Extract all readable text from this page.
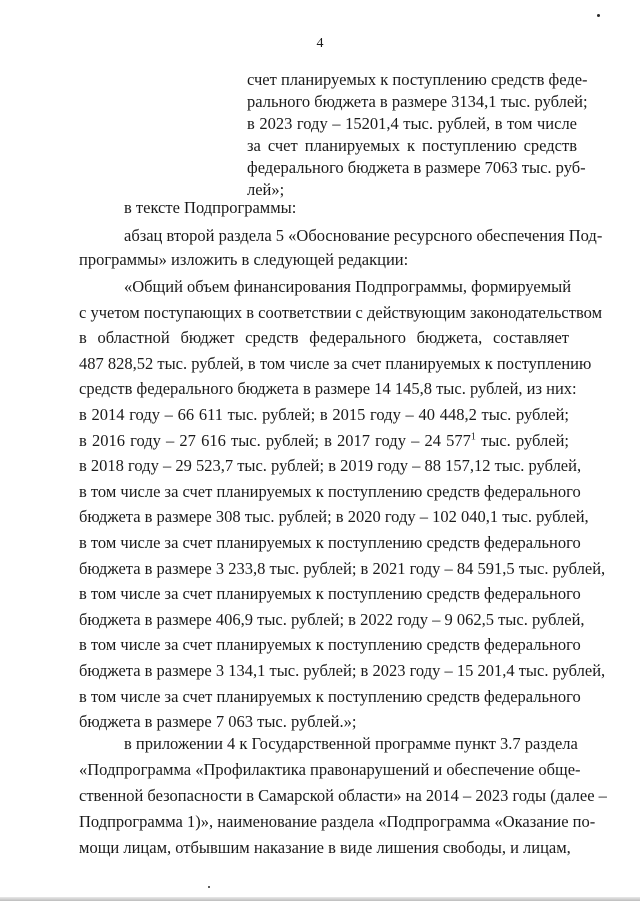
4
счет планируемых к поступлению средств феде-
рального бюджета в размере 3134,1 тыс. рублей;
в 2023 году – 15201,4 тыс. рублей, в том числе
за счет планируемых к поступлению средств
федерального бюджета в размере 7063 тыс. руб-
лей»;
в тексте Подпрограммы:
абзац второй раздела 5 «Обоснование ресурсного обеспечения Под-
программы» изложить в следующей редакции:
«Общий объем финансирования Подпрограммы, формируемый
с учетом поступающих в соответствии с действующим законодательством
в областной бюджет средств федерального бюджета, составляет
487 828,52 тыс. рублей, в том числе за счет планируемых к поступлению
средств федерального бюджета в размере 14 145,8 тыс. рублей, из них:
в 2014 году – 66 611 тыс. рублей; в 2015 году – 40 448,2 тыс. рублей;
в 2016 году – 27 616 тыс. рублей; в 2017 году – 24 $577^1$ тыс. рублей;
в 2018 году – 29 523,7 тыс. рублей; в 2019 году – 88 157,12 тыс. рублей,
в том числе за счет планируемых к поступлению средств федерального
бюджета в размере 308 тыс. рублей; в 2020 году – 102 040,1 тыс. рублей,
в том числе за счет планируемых к поступлению средств федерального
бюджета в размере 3 233,8 тыс. рублей; в 2021 году – 84 591,5 тыс. рублей,
в том числе за счет планируемых к поступлению средств федерального
бюджета в размере 406,9 тыс. рублей; в 2022 году – 9 062,5 тыс. рублей,
в том числе за счет планируемых к поступлению средств федерального
бюджета в размере 3 134,1 тыс. рублей; в 2023 году – 15 201,4 тыс. рублей,
в том числе за счет планируемых к поступлению средств федерального
бюджета в размере 7 063 тыс. рублей.»;
в приложении 4 к Государственной программе пункт 3.7 раздела
«Подпрограмма «Профилактика правонарушений и обеспечение обще-
ственной безопасности в Самарской области» на 2014 – 2023 годы (далее –
Подпрограмма 1)», наименование раздела «Подпрограмма «Оказание по-
мощи лицам, отбывшим наказание в виде лишения свободы, и лицам,
